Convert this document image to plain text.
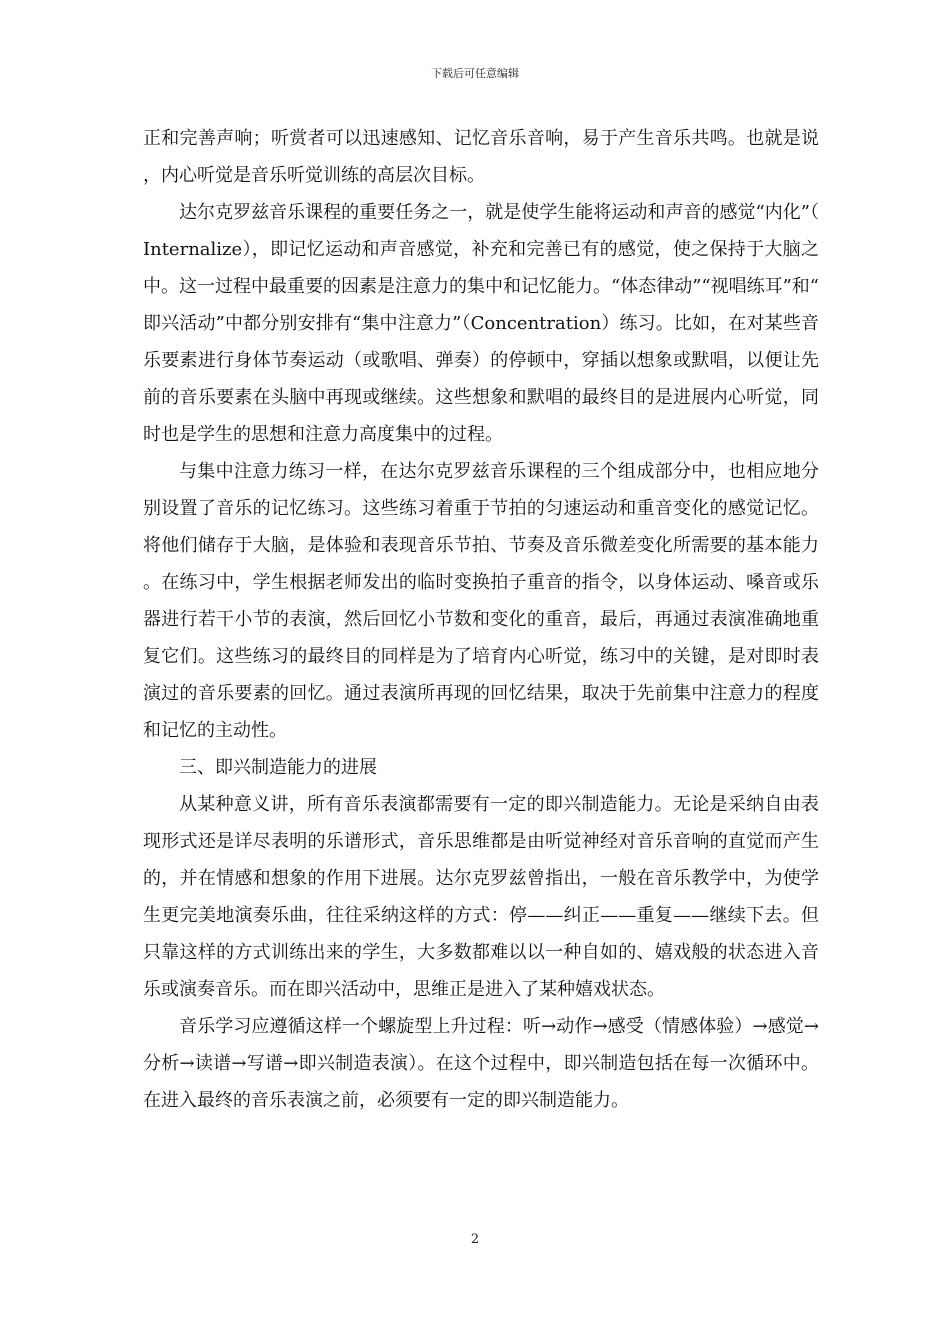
下载后可任意编辑

正和完善声响；听赏者可以迅速感知、记忆音乐音响，易于产生音乐共鸣。也就是说，内心听觉是音乐听觉训练的高层次目标。

达尔克罗兹音乐课程的重要任务之一，就是使学生能将运动和声音的感觉“内化”（Internalize），即记忆运动和声音感觉，补充和完善已有的感觉，使之保持于大脑之中。这一过程中最重要的因素是注意力的集中和记忆能力。“体态律动”“视唱练耳”和“即兴活动”中都分别安排有“集中注意力”（Concentration）练习。比如，在对某些音乐要素进行身体节奏运动（或歌唱、弹奏）的停顿中，穿插以想象或默唱，以便让先前的音乐要素在头脑中再现或继续。这些想象和默唱的最终目的是进展内心听觉，同时也是学生的思想和注意力高度集中的过程。

与集中注意力练习一样，在达尔克罗兹音乐课程的三个组成部分中，也相应地分别设置了音乐的记忆练习。这些练习着重于节拍的匀速运动和重音变化的感觉记忆。将他们储存于大脑，是体验和表现音乐节拍、节奏及音乐微差变化所需要的基本能力。在练习中，学生根据老师发出的临时变换拍子重音的指令，以身体运动、嗓音或乐器进行若干小节的表演，然后回忆小节数和变化的重音，最后，再通过表演准确地重复它们。这些练习的最终目的同样是为了培育内心听觉，练习中的关键，是对即时表演过的音乐要素的回忆。通过表演所再现的回忆结果，取决于先前集中注意力的程度和记忆的主动性。

三、即兴制造能力的进展

从某种意义讲，所有音乐表演都需要有一定的即兴制造能力。无论是采纳自由表现形式还是详尽表明的乐谱形式，音乐思维都是由听觉神经对音乐音响的直觉而产生的，并在情感和想象的作用下进展。达尔克罗兹曾指出，一般在音乐教学中，为使学生更完美地演奏乐曲，往往采纳这样的方式：停——纠正——重复——继续下去。但只靠这样的方式训练出来的学生，大多数都难以以一种自如的、嬉戏般的状态进入音乐或演奏音乐。而在即兴活动中，思维正是进入了某种嬉戏状态。

音乐学习应遵循这样一个螺旋型上升过程：听→动作→感受（情感体验）→感觉→分析→读谱→写谱→即兴制造表演）。在这个过程中，即兴制造包括在每一次循环中。在进入最终的音乐表演之前，必须要有一定的即兴制造能力。

2
